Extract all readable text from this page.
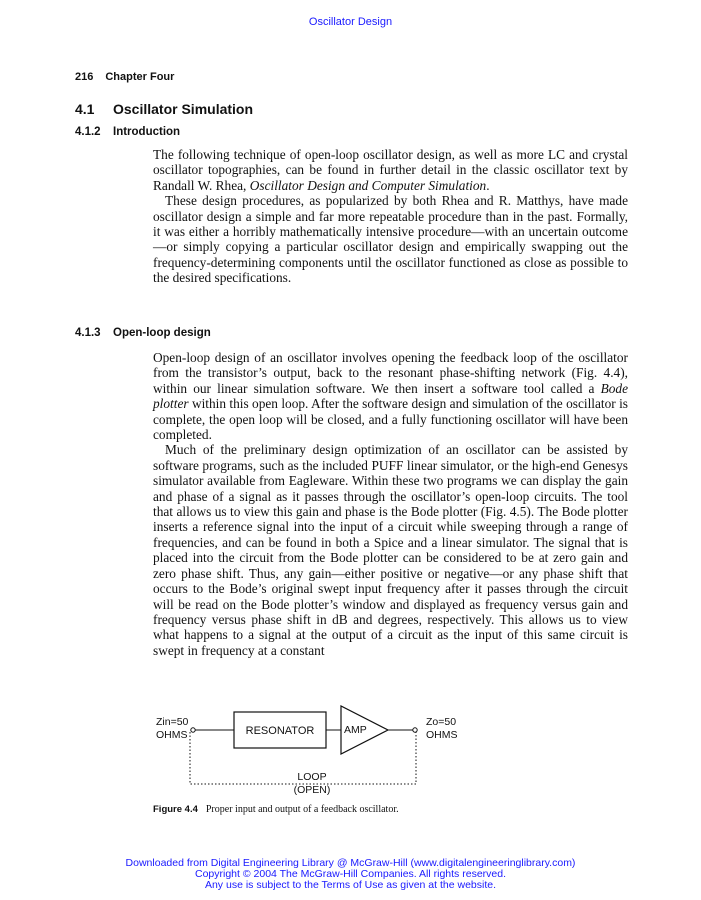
Oscillator Design
216 Chapter Four
4.1 Oscillator Simulation
4.1.2 Introduction

The following technique of open-loop oscillator design, as well as more LC and crystal oscillator topographies, can be found in further detail in the classic oscillator text by Randall W. Rhea, Oscillator Design and Computer Simulation.

These design procedures, as popularized by both Rhea and R. Matthys, have made oscillator design a simple and far more repeatable procedure than in the past. Formally, it was either a horribly mathematically intensive procedure—with an uncertain outcome—or simply copying a particular oscillator design and empirically swapping out the frequency-determining components until the oscillator functioned as close as possible to the desired specifications.

4.1.3 Open-loop design

Open-loop design of an oscillator involves opening the feedback loop of the oscillator from the transistor’s output, back to the resonant phase-shifting network (Fig. 4.4), within our linear simulation software. We then insert a software tool called a Bode plotter within this open loop. After the software design and simulation of the oscillator is complete, the open loop will be closed, and a fully functioning oscillator will have been completed.

Much of the preliminary design optimization of an oscillator can be assisted by software programs, such as the included PUFF linear simulator, or the high-end Genesys simulator available from Eagleware. Within these two programs we can display the gain and phase of a signal as it passes through the oscillator’s open-loop circuits. The tool that allows us to view this gain and phase is the Bode plotter (Fig. 4.5). The Bode plotter inserts a reference signal into the input of a circuit while sweeping through a range of frequencies, and can be found in both a Spice and a linear simulator. The signal that is placed into the circuit from the Bode plotter can be considered to be at zero gain and zero phase shift. Thus, any gain—either positive or negative—or any phase shift that occurs to the Bode’s original swept input frequency after it passes through the circuit will be read on the Bode plotter’s window and displayed as frequency versus gain and frequency versus phase shift in dB and degrees, respectively. This allows us to view what happens to a signal at the output of a circuit as the input of this same circuit is swept in frequency at a constant

Zin=50
OHMS
Zo=50
OHMS
RESONATOR	AMP
LOOP
(OPEN)
Figure 4.4 Proper input and output of a feedback oscillator.
Downloaded from Digital Engineering Library @ McGraw-Hill (www.digitalengineeringlibrary.com)
Copyright © 2004 The McGraw-Hill Companies. All rights reserved.
Any use is subject to the Terms of Use as given at the website.
